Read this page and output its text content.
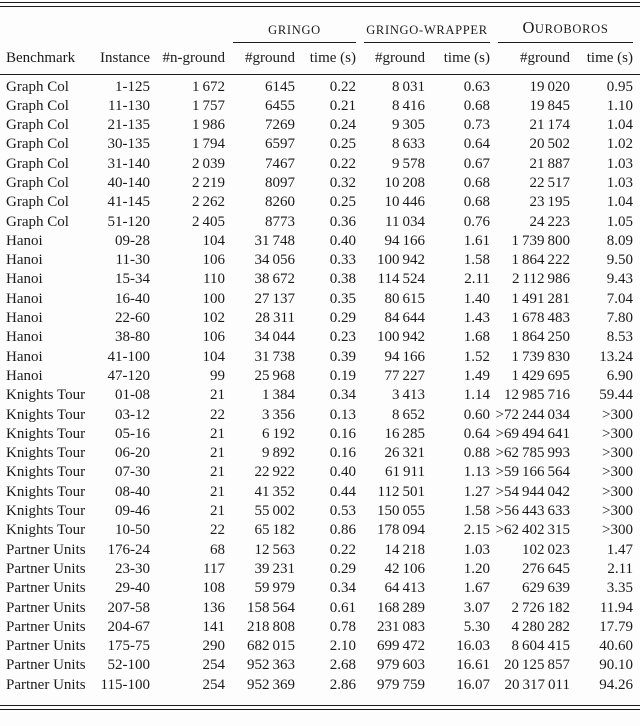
			GRINGO		GRINGO-WRAPPER		OUROBOROS	

Benchmark	Instance	#n-ground	#ground	time (s)	#ground	time (s)	#ground	time (s)
Graph Col	1-125	1 672	6145	0.22	8 031	0.63	19 020	0.95
Graph Col	11-130	1 757	6455	0.21	8 416	0.68	19 845	1.10
Graph Col	21-135	1 986	7269	0.24	9 305	0.73	21 174	1.04
Graph Col	30-135	1 794	6597	0.25	8 633	0.64	20 502	1.02
Graph Col	31-140	2 039	7467	0.22	9 578	0.67	21 887	1.03
Graph Col	40-140	2 219	8097	0.32	10 208	0.68	22 517	1.03
Graph Col	41-145	2 262	8260	0.25	10 446	0.68	23 195	1.04
Graph Col	51-120	2 405	8773	0.36	11 034	0.76	24 223	1.05
Hanoi	09-28	104	31 748	0.40	94 166	1.61	1 739 800	8.09
Hanoi	11-30	106	34 056	0.33	100 942	1.58	1 864 222	9.50
Hanoi	15-34	110	38 672	0.38	114 524	2.11	2 112 986	9.43
Hanoi	16-40	100	27 137	0.35	80 615	1.40	1 491 281	7.04
Hanoi	22-60	102	28 311	0.29	84 644	1.43	1 678 483	7.80
Hanoi	38-80	106	34 044	0.23	100 942	1.68	1 864 250	8.53
Hanoi	41-100	104	31 738	0.39	94 166	1.52	1 739 830	13.24
Hanoi	47-120	99	25 968	0.19	77 227	1.49	1 429 695	6.90
Knights Tour	01-08	21	1 384	0.34	3 413	1.14	12 985 716	59.44
Knights Tour	03-12	22	3 356	0.13	8 652	0.60	>72 244 034	>300
Knights Tour	05-16	21	6 192	0.16	16 285	0.64	>69 494 641	>300
Knights Tour	06-20	21	9 892	0.16	26 321	0.88	>62 785 993	>300
Knights Tour	07-30	21	22 922	0.40	61 911	1.13	>59 166 564	>300
Knights Tour	08-40	21	41 352	0.44	112 501	1.27	>54 944 042	>300
Knights Tour	09-46	21	55 002	0.53	150 055	1.58	>56 443 633	>300
Knights Tour	10-50	22	65 182	0.86	178 094	2.15	>62 402 315	>300
Partner Units	176-24	68	12 563	0.22	14 218	1.03	102 023	1.47
Partner Units	23-30	117	39 231	0.29	42 106	1.20	276 645	2.11
Partner Units	29-40	108	59 979	0.34	64 413	1.67	629 639	3.35
Partner Units	207-58	136	158 564	0.61	168 289	3.07	2 726 182	11.94
Partner Units	204-67	141	218 808	0.78	231 083	5.30	4 280 282	17.79
Partner Units	175-75	290	682 015	2.10	699 472	16.03	8 604 415	40.60
Partner Units	52-100	254	952 363	2.68	979 603	16.61	20 125 857	90.10
Partner Units	115-100	254	952 369	2.86	979 759	16.07	20 317 011	94.26
